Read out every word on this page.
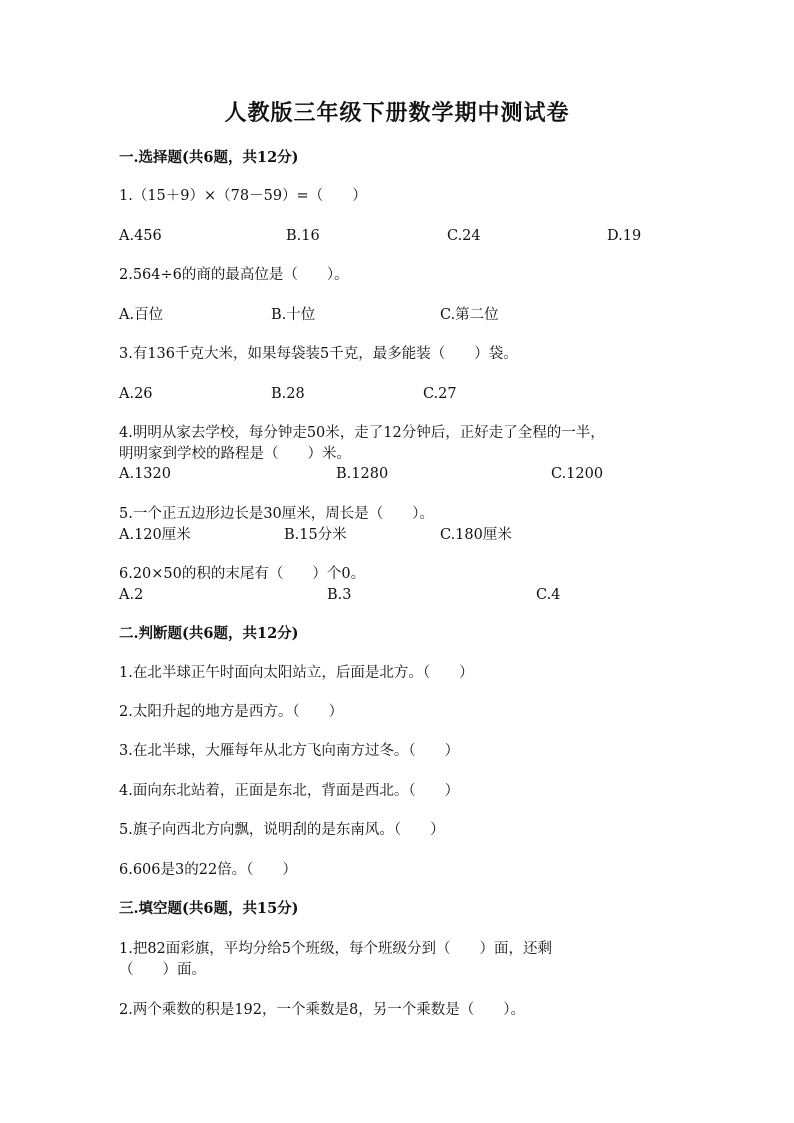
人教版三年级下册数学期中测试卷
一.选择题(共6题，共12分)
1.（15＋9）×（78－59）=（　　）
A.456	B.16	C.24	D.19
2.564÷6的商的最高位是（　　）。
A.百位	B.十位	C.第二位
3.有136千克大米，如果每袋装5千克，最多能装（　　）袋。
A.26	B.28	C.27
4.明明从家去学校，每分钟走50米，走了12分钟后，正好走了全程的一半，
明明家到学校的路程是（　　）米。
A.1320	B.1280	C.1200
5.一个正五边形边长是30厘米，周长是（　　）。
A.120厘米	B.15分米	C.180厘米
6.20×50的积的末尾有（　　）个0。
A.2	B.3	C.4
二.判断题(共6题，共12分)
1.在北半球正午时面向太阳站立，后面是北方。（　　）
2.太阳升起的地方是西方。（　　）
3.在北半球，大雁每年从北方飞向南方过冬。（　　）
4.面向东北站着，正面是东北，背面是西北。（　　）
5.旗子向西北方向飘，说明刮的是东南风。（　　）
6.606是3的22倍。（　　）
三.填空题(共6题，共15分)
1.把82面彩旗，平均分给5个班级，每个班级分到（　　）面，还剩
（　　）面。
2.两个乘数的积是192，一个乘数是8，另一个乘数是（　　）。
